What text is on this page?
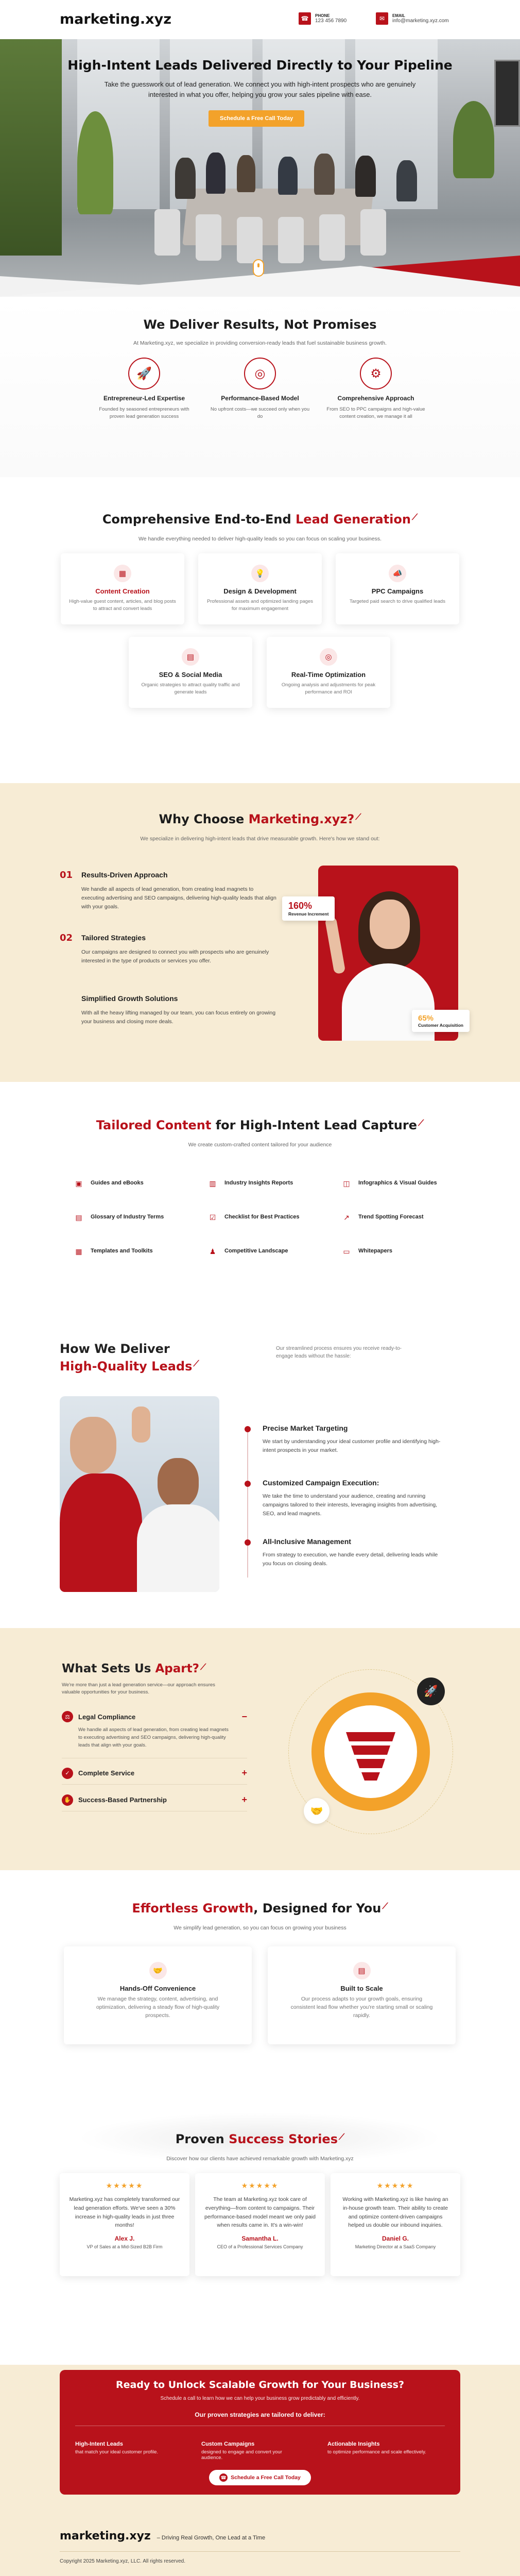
marketing.xyz	☎	PHONE
123 456 7890	✉	EMAIL
info@marketing.xyz.com
High-Intent Leads Delivered Directly to Your Pipeline
Take the guesswork out of lead generation. We connect you with high-intent prospects who are genuinely interested in what you offer, helping you grow your sales pipeline with ease.
Schedule a Free Call Today
We Deliver Results, Not Promises
At Marketing.xyz, we specialize in providing conversion-ready leads that fuel sustainable business growth.
🚀
Entrepreneur-Led Expertise
Founded by seasoned entrepreneurs with proven lead generation success
◎
Performance-Based Model
No upfront costs—we succeed only when you do
⚙
Comprehensive Approach
From SEO to PPC campaigns and high-value content creation, we manage it all
Comprehensive End-to-End Lead Generation ⟋
We handle everything needed to deliver high-quality leads so you can focus on scaling your business.
▦
Content Creation
High-value guest content, articles, and blog posts to attract and convert leads
💡
Design & Development
Professional assets and optimized landing pages for maximum engagement
📣
PPC Campaigns
Targeted paid search to drive qualified leads
▤
SEO & Social Media
Organic strategies to attract quality traffic and generate leads
◎
Real-Time Optimization
Ongoing analysis and adjustments for peak performance and ROI
Why Choose Marketing.xyz? ⟋
We specialize in delivering high-intent leads that drive measurable growth. Here's how we stand out:
01 Results-Driven Approach
We handle all aspects of lead generation, from creating lead magnets to executing advertising and SEO campaigns, delivering high-quality leads that align with your goals.
02 Tailored Strategies
Our campaigns are designed to connect you with prospects who are genuinely interested in the type of products or services you offer.
Simplified Growth Solutions
With all the heavy lifting managed by our team, you can focus entirely on growing your business and closing more deals.
160%
Revenue Increment
65%
Customer Acquisition
Tailored Content for High-Intent Lead Capture ⟋
We create custom-crafted content tailored for your audience
▣	Guides and eBooks	▥	Industry Insights Reports	◫	Infographics & Visual Guides
▤	Glossary of Industry Terms	☑	Checklist for Best Practices	↗	Trend Spotting Forecast
▦	Templates and Toolkits	♟	Competitive Landscape	▭	Whitepapers
How We Deliver
High-Quality Leads ⟋
Our streamlined process ensures you receive ready-to-engage leads without the hassle:
Precise Market Targeting
We start by understanding your ideal customer profile and identifying high-intent prospects in your market.
Customized Campaign Execution:
We take the time to understand your audience, creating and running campaigns tailored to their interests, leveraging insights from advertising, SEO, and lead magnets.
All-Inclusive Management
From strategy to execution, we handle every detail, delivering leads while you focus on closing deals.
What Sets Us Apart? ⟋
We're more than just a lead generation service—our approach ensures valuable opportunities for your business.
⚖	Legal Compliance	−
We handle all aspects of lead generation, from creating lead magnets to executing advertising and SEO campaigns, delivering high-quality leads that align with your goals.
✓	Complete Service	+
✋	Success-Based Partnership	+
🚀
🤝
Effortless Growth, Designed for You ⟋
We simplify lead generation, so you can focus on growing your business
🤝
Hands-Off Convenience
We manage the strategy, content, advertising, and optimization, delivering a steady flow of high-quality prospects.
▤
Built to Scale
Our process adapts to your growth goals, ensuring consistent lead flow whether you're starting small or scaling rapidly.
Proven Success Stories ⟋
Discover how our clients have achieved remarkable growth with Marketing.xyz
★★★★★
Marketing.xyz has completely transformed our lead generation efforts. We've seen a 30% increase in high-quality leads in just three months!
Alex J.
VP of Sales at a Mid-Sized B2B Firm
★★★★★
The team at Marketing.xyz took care of everything—from content to campaigns. Their performance-based model meant we only paid when results came in. It's a win-win!
Samantha L.
CEO of a Professional Services Company
★★★★★
Working with Marketing.xyz is like having an in-house growth team. Their ability to create and optimize content-driven campaigns helped us double our inbound inquiries.
Daniel G.
Marketing Director at a SaaS Company
Ready to Unlock Scalable Growth for Your Business?
Schedule a call to learn how we can help your business grow predictably and efficiently.
Our proven strategies are tailored to deliver:
High-Intent Leads
that match your ideal customer profile.
Custom Campaigns
designed to engage and convert your audience.
Actionable Insights
to optimize performance and scale effectively.
☎ Schedule a Free Call Today
marketing.xyz – Driving Real Growth, One Lead at a Time
Copyright 2025 Marketing.xyz, LLC. All rights reserved.
